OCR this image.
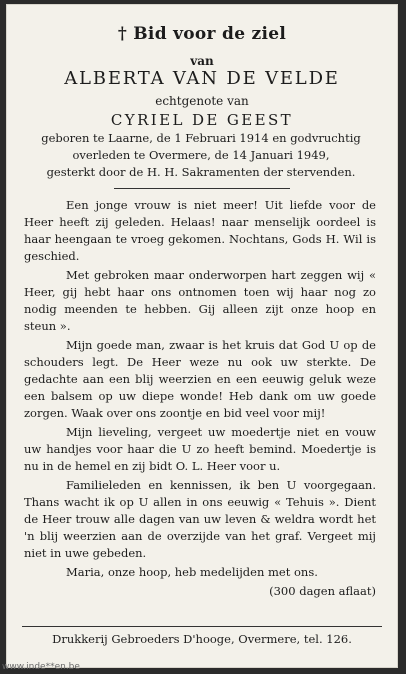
† Bid voor de ziel
van
ALBERTA VAN DE VELDE
echtgenote van
CYRIEL DE GEEST
geboren te Laarne, de 1 Februari 1914 en godvruchtig
overleden te Overmere, de 14 Januari 1949,
gesterkt door de H. H. Sakramenten der stervenden.

Een jonge vrouw is niet meer! Uit liefde voor de Heer heeft zij geleden. Helaas! naar menselijk oordeel is haar heengaan te vroeg gekomen. Nochtans, Gods H. Wil is geschied.

Met gebroken maar onderworpen hart zeggen wij « Heer, gij hebt haar ons ontnomen toen wij haar nog zo nodig meenden te hebben. Gij alleen zijt onze hoop en steun ».

Mijn goede man, zwaar is het kruis dat God U op de schouders legt. De Heer weze nu ook uw sterkte. De gedachte aan een blij weerzien en een eeuwig geluk weze een balsem op uw diepe wonde! Heb dank om uw goede zorgen. Waak over ons zoontje en bid veel voor mij!

Mijn lieveling, vergeet uw moedertje niet en vouw uw handjes voor haar die U zo heeft bemind. Moedertje is nu in de hemel en zij bidt O. L. Heer voor u.

Familieleden en kennissen, ik ben U voorgegaan. Thans wacht ik op U allen in ons eeuwig « Tehuis ». Dient de Heer trouw alle dagen van uw leven & weldra wordt het 'n blij weerzien aan de overzijde van het graf. Vergeet mij niet in uwe gebeden.

Maria, onze hoop, heb medelijden met ons.

(300 dagen aflaat)

Drukkerij Gebroeders D'hooge, Overmere, tel. 126.
www.inde**en.be
